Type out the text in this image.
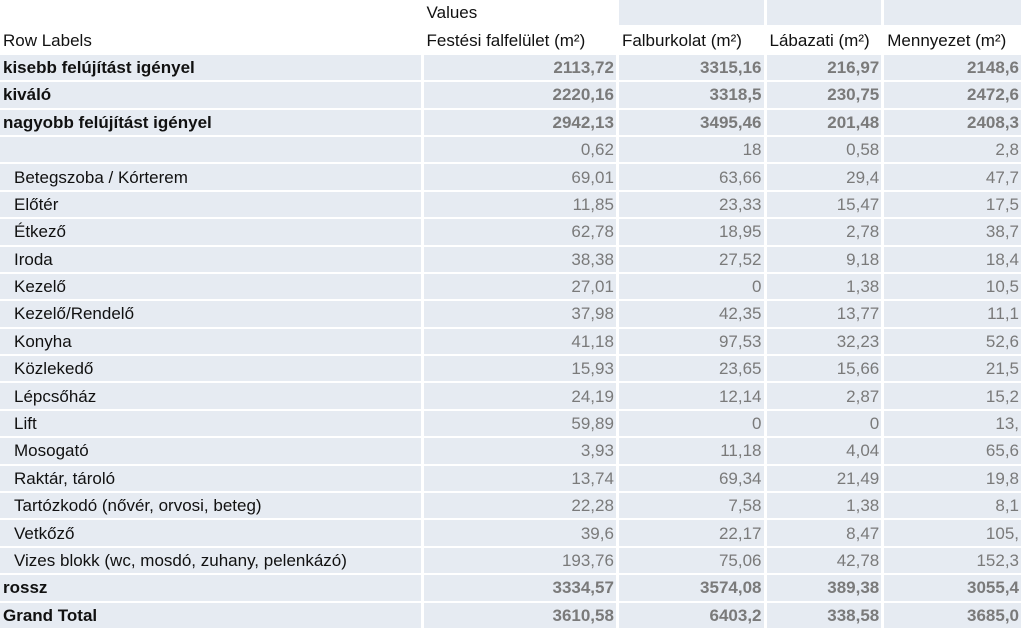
	Values			
Row Labels	Festési falfelület (m²)	Falburkolat (m²)	Lábazati (m²)	Mennyezet (m²)
kisebb felújítást igényel	2113,72	3315,16	216,97	2148,6
kiváló	2220,16	3318,5	230,75	2472,6
nagyobb felújítást igényel	2942,13	3495,46	201,48	2408,3
	0,62	18	0,58	2,8
Betegszoba / Kórterem	69,01	63,66	29,4	47,7
Előtér	11,85	23,33	15,47	17,5
Étkező	62,78	18,95	2,78	38,7
Iroda	38,38	27,52	9,18	18,4
Kezelő	27,01	0	1,38	10,5
Kezelő/Rendelő	37,98	42,35	13,77	11,1
Konyha	41,18	97,53	32,23	52,6
Közlekedő	15,93	23,65	15,66	21,5
Lépcsőház	24,19	12,14	2,87	15,2
Lift	59,89	0	0	13,
Mosogató	3,93	11,18	4,04	65,6
Raktár, tároló	13,74	69,34	21,49	19,8
Tartózkodó (nővér, orvosi, beteg)	22,28	7,58	1,38	8,1
Vetkőző	39,6	22,17	8,47	105,
Vizes blokk (wc, mosdó, zuhany, pelenkázó)	193,76	75,06	42,78	152,3
rossz	3334,57	3574,08	389,38	3055,4
Grand Total	3610,58	6403,2	338,58	3685,0
